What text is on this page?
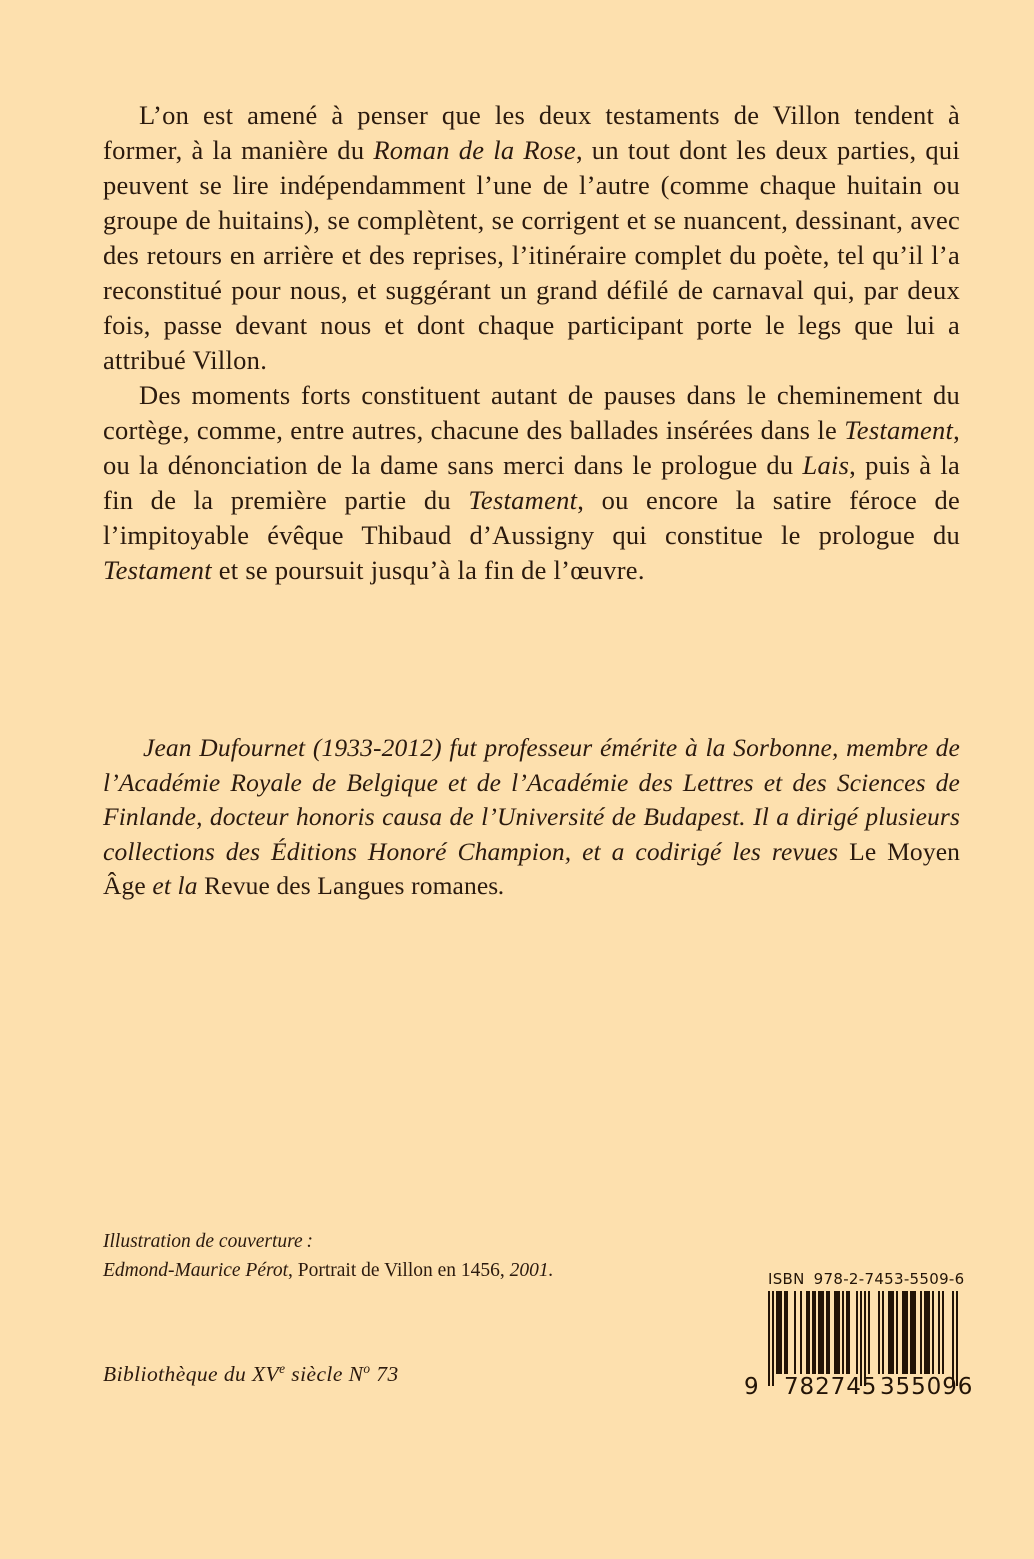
L’on est amené à penser que les deux testaments de Villon tendent à former, à la manière du Roman de la Rose, un tout dont les deux parties, qui peuvent se lire indépendamment l’une de l’autre (comme chaque huitain ou groupe de huitains), se complètent, se corrigent et se nuancent, dessinant, avec des retours en arrière et des reprises, l’itinéraire complet du poète, tel qu’il l’a reconstitué pour nous, et suggérant un grand défilé de carnaval qui, par deux fois, passe devant nous et dont chaque participant porte le legs que lui a attribué Villon.

Des moments forts constituent autant de pauses dans le cheminement du cortège, comme, entre autres, chacune des ballades insérées dans le Testament, ou la dénonciation de la dame sans merci dans le prologue du Lais, puis à la fin de la première partie du Testament, ou encore la satire féroce de l’impitoyable évêque Thibaud d’Aussigny qui constitue le prologue du Testament et se poursuit jusqu’à la fin de l’œuvre.

Jean Dufournet (1933-2012) fut professeur émérite à la Sorbonne, membre de l’Académie Royale de Belgique et de l’Académie des Lettres et des Sciences de Finlande, docteur honoris causa de l’Université de Budapest. Il a dirigé plusieurs collections des Éditions Honoré Champion, et a codirigé les revues Le Moyen Âge et la Revue des Langues romanes.

Illustration de couverture :
Edmond-Maurice Pérot, Portrait de Villon en 1456, 2001.
Bibliothèque du XVe siècle $N^o$ 73
ISBN 978-2-7453-5509-6
9 782745 355096
